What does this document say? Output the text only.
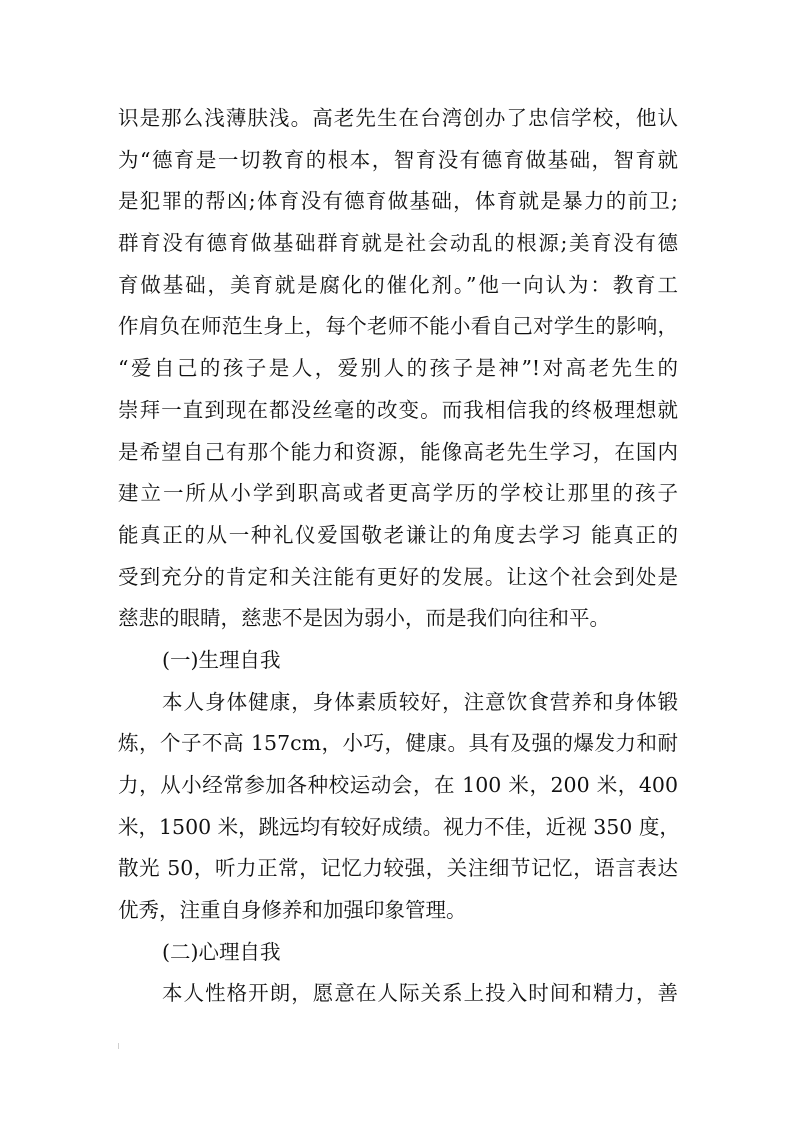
识是那么浅薄肤浅。高老先生在台湾创办了忠信学校，他认
为“德育是一切教育的根本，智育没有德育做基础，智育就
是犯罪的帮凶;体育没有德育做基础，体育就是暴力的前卫;
群育没有德育做基础群育就是社会动乱的根源;美育没有德
育做基础，美育就是腐化的催化剂。”他一向认为：教育工
作肩负在师范生身上，每个老师不能小看自己对学生的影响，
“爱自己的孩子是人，爱别人的孩子是神”!对高老先生的
崇拜一直到现在都没丝毫的改变。而我相信我的终极理想就
是希望自己有那个能力和资源，能像高老先生学习，在国内
建立一所从小学到职高或者更高学历的学校让那里的孩子
能真正的从一种礼仪爱国敬老谦让的角度去学习 能真正的
受到充分的肯定和关注能有更好的发展。让这个社会到处是
慈悲的眼睛，慈悲不是因为弱小，而是我们向往和平。
(一)生理自我
本人身体健康，身体素质较好，注意饮食营养和身体锻
炼，个子不高 157cm，小巧，健康。具有及强的爆发力和耐
力，从小经常参加各种校运动会，在 100 米，200 米，400
米，1500 米，跳远均有较好成绩。视力不佳，近视 350 度，
散光 50，听力正常，记忆力较强，关注细节记忆，语言表达
优秀，注重自身修养和加强印象管理。
(二)心理自我
本人性格开朗，愿意在人际关系上投入时间和精力，善
